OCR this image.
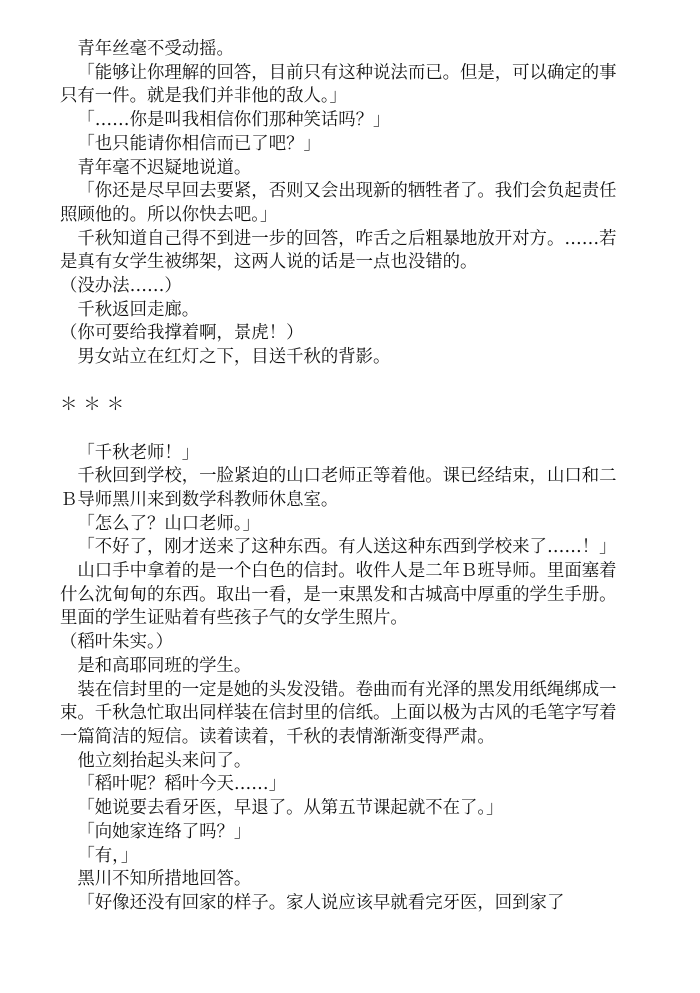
青年丝毫不受动摇。

「能够让你理解的回答，目前只有这种说法而已。但是，可以确定的事只有一件。就是我们并非他的敌人。」

「……你是叫我相信你们那种笑话吗？」

「也只能请你相信而已了吧？」

青年毫不迟疑地说道。

「你还是尽早回去要紧，否则又会出现新的牺牲者了。我们会负起责任照顾他的。所以你快去吧。」

千秋知道自己得不到进一步的回答，咋舌之后粗暴地放开对方。……若是真有女学生被绑架，这两人说的话是一点也没错的。

（没办法……）

千秋返回走廊。

（你可要给我撑着啊，景虎！）

男女站立在红灯之下，目送千秋的背影。

＊＊＊

「千秋老师！」

千秋回到学校，一脸紧迫的山口老师正等着他。课已经结束，山口和二Ｂ导师黑川来到数学科教师休息室。

「怎么了？山口老师。」

「不好了，刚才送来了这种东西。有人送这种东西到学校来了……！」

山口手中拿着的是一个白色的信封。收件人是二年Ｂ班导师。里面塞着什么沈甸甸的东西。取出一看，是一束黑发和古城高中厚重的学生手册。里面的学生证贴着有些孩子气的女学生照片。

（稻叶朱实。）

是和高耶同班的学生。

装在信封里的一定是她的头发没错。卷曲而有光泽的黑发用纸绳绑成一束。千秋急忙取出同样装在信封里的信纸。上面以极为古风的毛笔字写着一篇简洁的短信。读着读着，千秋的表情渐渐变得严肃。

他立刻抬起头来问了。

「稻叶呢？稻叶今天……」

「她说要去看牙医，早退了。从第五节课起就不在了。」

「向她家连络了吗？」

「有，」

黑川不知所措地回答。

「好像还没有回家的样子。家人说应该早就看完牙医，回到家了
